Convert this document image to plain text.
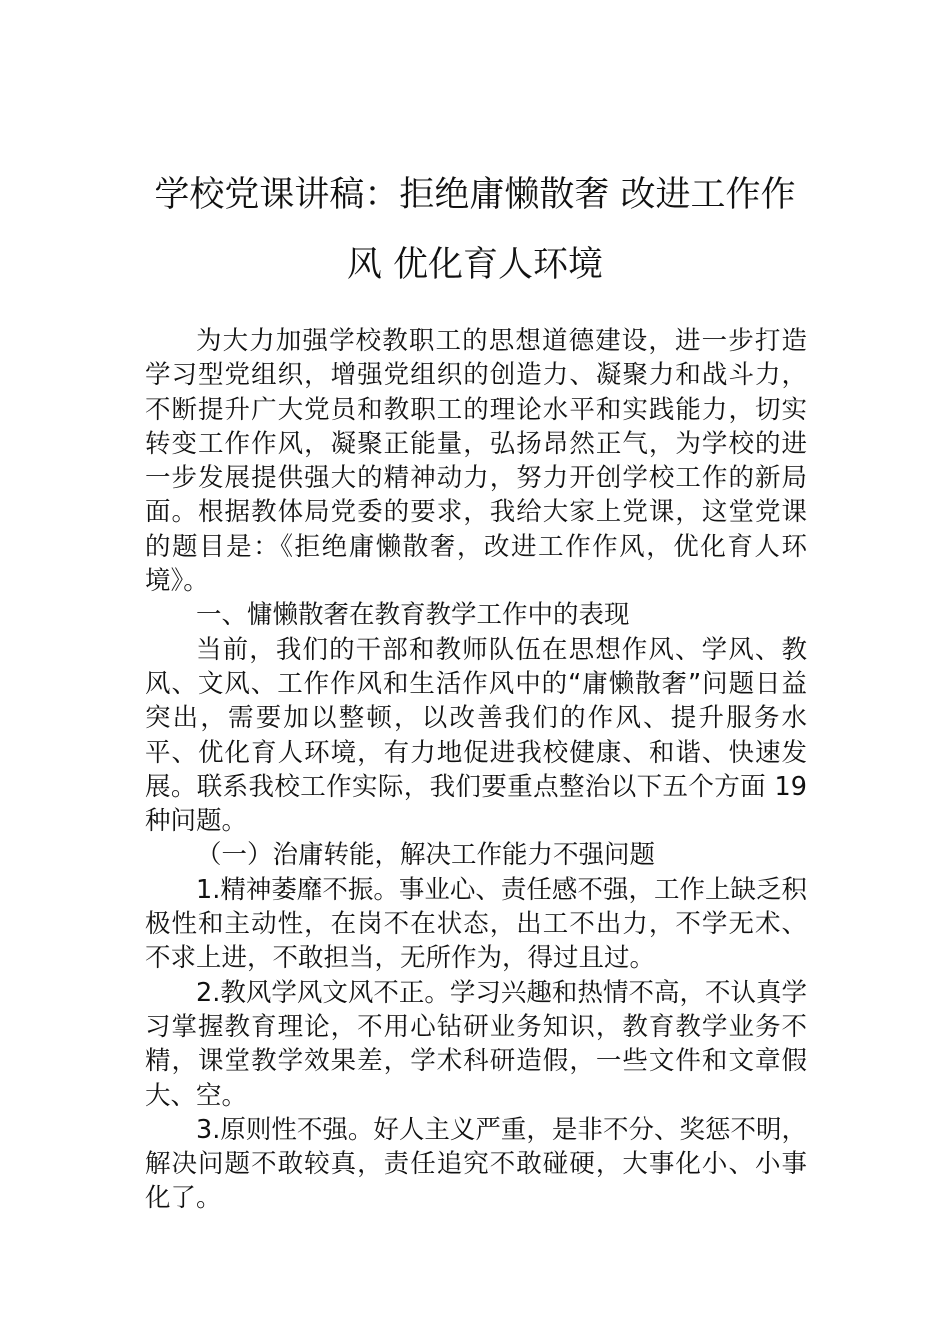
学校党课讲稿：拒绝庸懒散奢 改进工作作风 优化育人环境

为大力加强学校教职工的思想道德建设，进一步打造学习型党组织，增强党组织的创造力、凝聚力和战斗力，不断提升广大党员和教职工的理论水平和实践能力，切实转变工作作风，凝聚正能量，弘扬昂然正气，为学校的进一步发展提供强大的精神动力，努力开创学校工作的新局面。根据教体局党委的要求，我给大家上党课，这堂党课的题目是：《拒绝庸懒散奢，改进工作作风，优化育人环境》。

一、慵懒散奢在教育教学工作中的表现

当前，我们的干部和教师队伍在思想作风、学风、教风、文风、工作作风和生活作风中的“庸懒散奢”问题日益突出，需要加以整顿，以改善我们的作风、提升服务水平、优化育人环境，有力地促进我校健康、和谐、快速发展。联系我校工作实际，我们要重点整治以下五个方面 19 种问题。

（一）治庸转能，解决工作能力不强问题

1.精神萎靡不振。事业心、责任感不强，工作上缺乏积极性和主动性，在岗不在状态，出工不出力，不学无术、不求上进，不敢担当，无所作为，得过且过。

2.教风学风文风不正。学习兴趣和热情不高，不认真学习掌握教育理论，不用心钻研业务知识，教育教学业务不精，课堂教学效果差，学术科研造假，一些文件和文章假大、空。

3.原则性不强。好人主义严重，是非不分、奖惩不明，解决问题不敢较真，责任追究不敢碰硬，大事化小、小事化了。
